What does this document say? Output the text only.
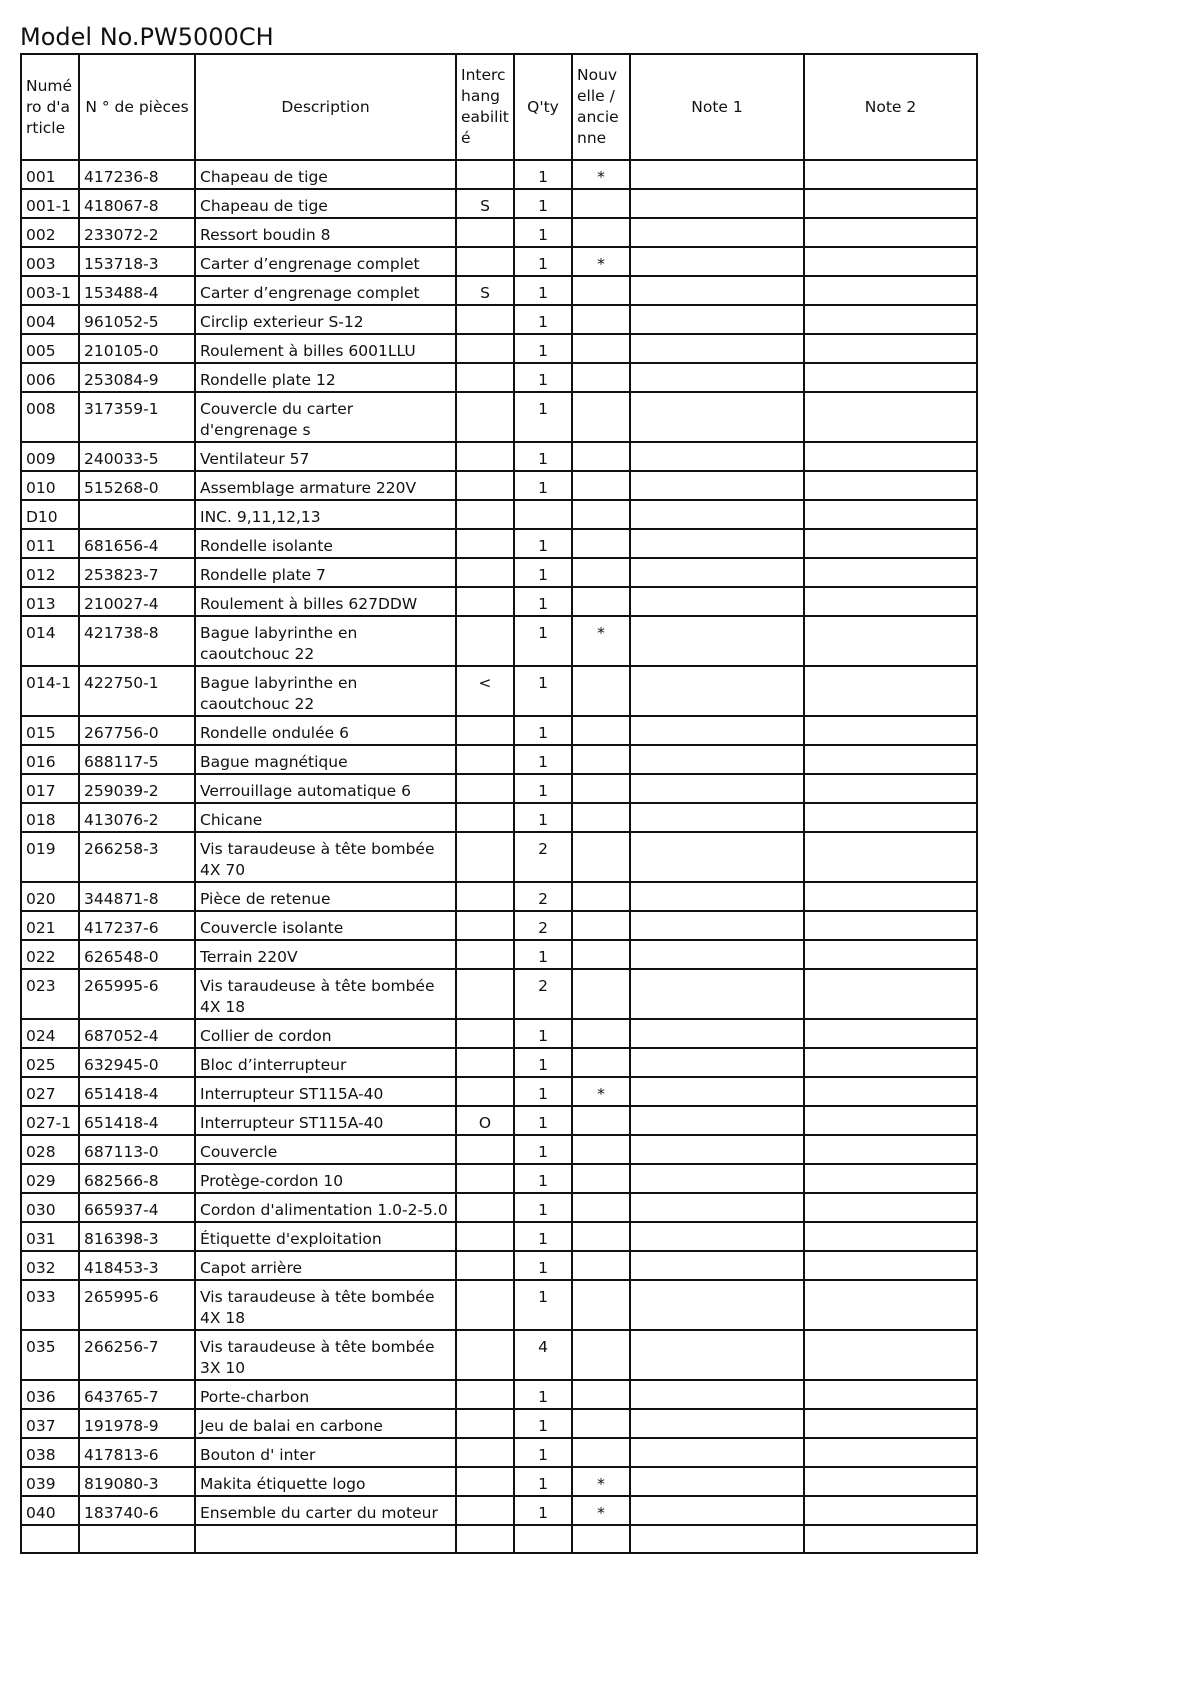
Model No.PW5000CH
Numé ro d'a rticle	N ° de pièces	Description	Interc hang eabilit é	Q'ty	Nouv elle / ancie nne	Note 1	Note 2
001	417236-8	Chapeau de tige		1	*		
001-1	418067-8	Chapeau de tige	S	1			
002	233072-2	Ressort boudin 8		1			
003	153718-3	Carter d’engrenage complet		1	*		
003-1	153488-4	Carter d’engrenage complet	S	1			
004	961052-5	Circlip exterieur S-12		1			
005	210105-0	Roulement à billes 6001LLU		1			
006	253084-9	Rondelle plate 12		1			
008	317359-1	Couvercle du carter d'engrenage s		1			
009	240033-5	Ventilateur 57		1			
010	515268-0	Assemblage armature 220V		1			
D10		INC. 9,11,12,13					
011	681656-4	Rondelle isolante		1			
012	253823-7	Rondelle plate 7		1			
013	210027-4	Roulement à billes 627DDW		1			
014	421738-8	Bague labyrinthe en caoutchouc 22		1	*		
014-1	422750-1	Bague labyrinthe en caoutchouc 22	<	1			
015	267756-0	Rondelle ondulée 6		1			
016	688117-5	Bague magnétique		1			
017	259039-2	Verrouillage automatique 6		1			
018	413076-2	Chicane		1			
019	266258-3	Vis taraudeuse à tête bombée 4X 70		2			
020	344871-8	Pièce de retenue		2			
021	417237-6	Couvercle isolante		2			
022	626548-0	Terrain 220V		1			
023	265995-6	Vis taraudeuse à tête bombée 4X 18		2			
024	687052-4	Collier de cordon		1			
025	632945-0	Bloc d’interrupteur		1			
027	651418-4	Interrupteur ST115A-40		1	*		
027-1	651418-4	Interrupteur ST115A-40	O	1			
028	687113-0	Couvercle		1			
029	682566-8	Protège-cordon 10		1			
030	665937-4	Cordon d'alimentation 1.0-2-5.0		1			
031	816398-3	Étiquette d'exploitation		1			
032	418453-3	Capot arrière		1			
033	265995-6	Vis taraudeuse à tête bombée 4X 18		1			
035	266256-7	Vis taraudeuse à tête bombée 3X 10		4			
036	643765-7	Porte-charbon		1			
037	191978-9	Jeu de balai en carbone		1			
038	417813-6	Bouton d' inter		1			
039	819080-3	Makita étiquette logo		1	*		
040	183740-6	Ensemble du carter du moteur		1	*		
